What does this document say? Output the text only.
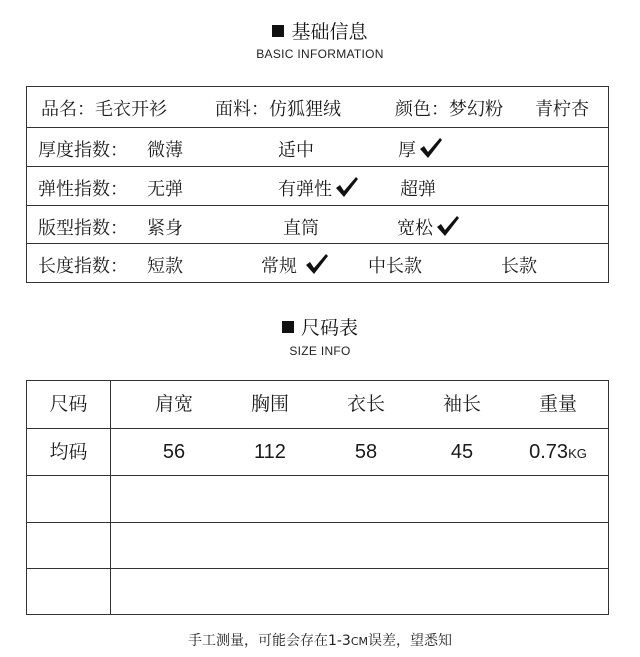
基础信息
BASIC INFORMATION
品名：毛衣开衫	面料：仿狐狸绒	颜色：梦幻粉 青柠杏
厚度指数： 微薄	适中	厚
弹性指数： 无弹	有弹性	超弹
版型指数： 紧身	直筒	宽松
长度指数： 短款	常规	中长款	长款
尺码表
SIZE INFO
尺码	肩宽	胸围	衣长	袖长	重量
均码	56	112	58	45	0.73KG
手工测量，可能会存在1-3CM误差，望悉知
